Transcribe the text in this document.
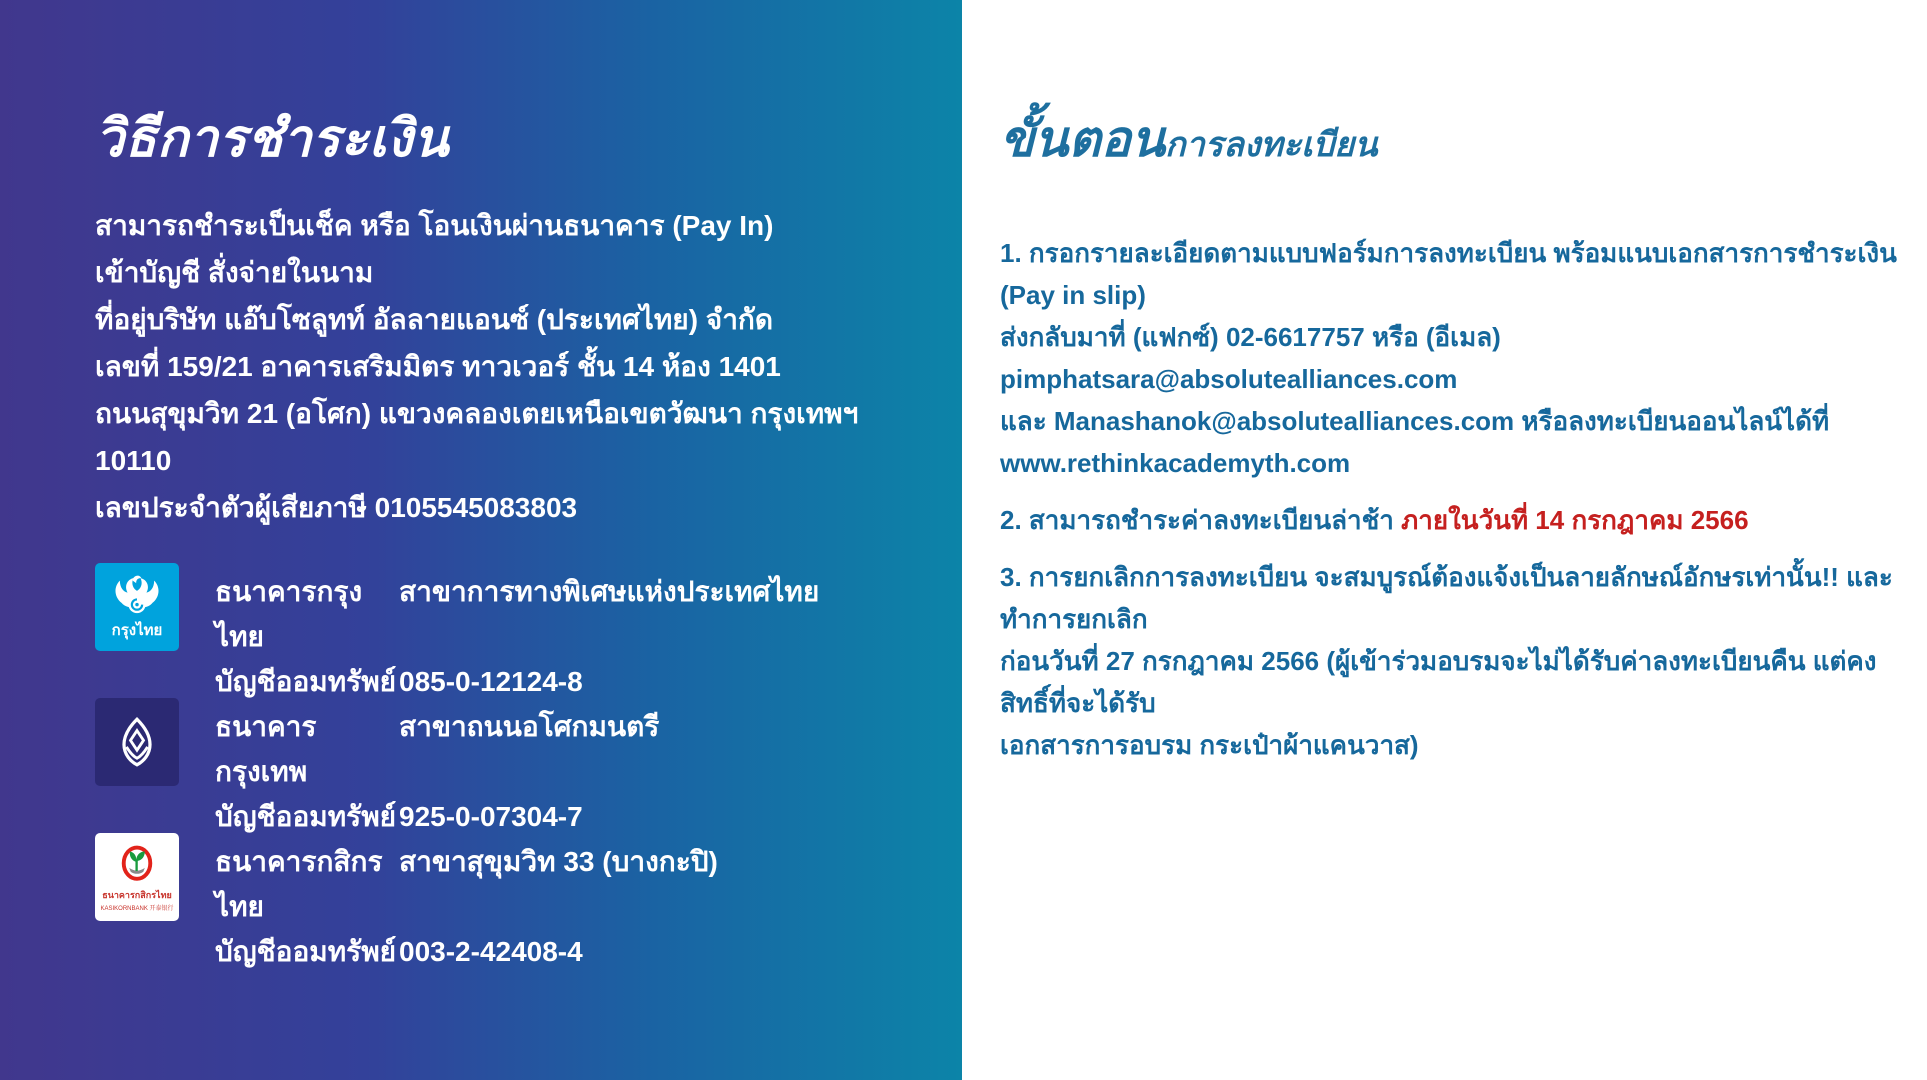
วิธีการชำระเงิน
สามารถชำระเป็นเช็ค หรือ โอนเงินผ่านธนาคาร (Pay In)
เข้าบัญชี สั่งจ่ายในนาม
ที่อยู่บริษัท แอ๊บโซลูทท์ อัลลายแอนซ์ (ประเทศไทย) จำกัด
เลขที่ 159/21 อาคารเสริมมิตร ทาวเวอร์ ชั้น 14 ห้อง 1401
ถนนสุขุมวิท 21 (อโศก) แขวงคลองเตยเหนือเขตวัฒนา กรุงเทพฯ 10110
เลขประจำตัวผู้เสียภาษี 0105545083803
กรุงไทย
ธนาคารกรุงไทย
สาขาการทางพิเศษแห่งประเทศไทย
บัญชีออมทรัพย์ 085-0-12124-8
ธนาคารกรุงเทพ
สาขาถนนอโศกมนตรี
บัญชีออมทรัพย์ 925-0-07304-7
ธนาคารกสิกรไทย
KASIKORNBANK 开泰银行
ธนาคารกสิกรไทย
สาขาสุขุมวิท 33 (บางกะปิ)
บัญชีออมทรัพย์ 003-2-42408-4
ขั้นตอน การลงทะเบียน
1. กรอกรายละเอียดตามแบบฟอร์มการลงทะเบียน พร้อมแนบเอกสารการชำระเงิน (Pay in slip)
ส่งกลับมาที่ (แฟกซ์) 02-6617757 หรือ (อีเมล) pimphatsara@absolutealliances.com
และ Manashanok@absolutealliances.com หรือลงทะเบียนออนไลน์ได้ที่ www.rethinkacademyth.com
2. สามารถชำระค่าลงทะเบียนล่าช้า ภายในวันที่ 14 กรกฎาคม 2566
3. การยกเลิกการลงทะเบียน จะสมบูรณ์ต้องแจ้งเป็นลายลักษณ์อักษรเท่านั้น!! และทำการยกเลิก
ก่อนวันที่ 27 กรกฎาคม 2566 (ผู้เข้าร่วมอบรมจะไม่ได้รับค่าลงทะเบียนคืน แต่คงสิทธิ์ที่จะได้รับ
เอกสารการอบรม กระเป๋าผ้าแคนวาส)
